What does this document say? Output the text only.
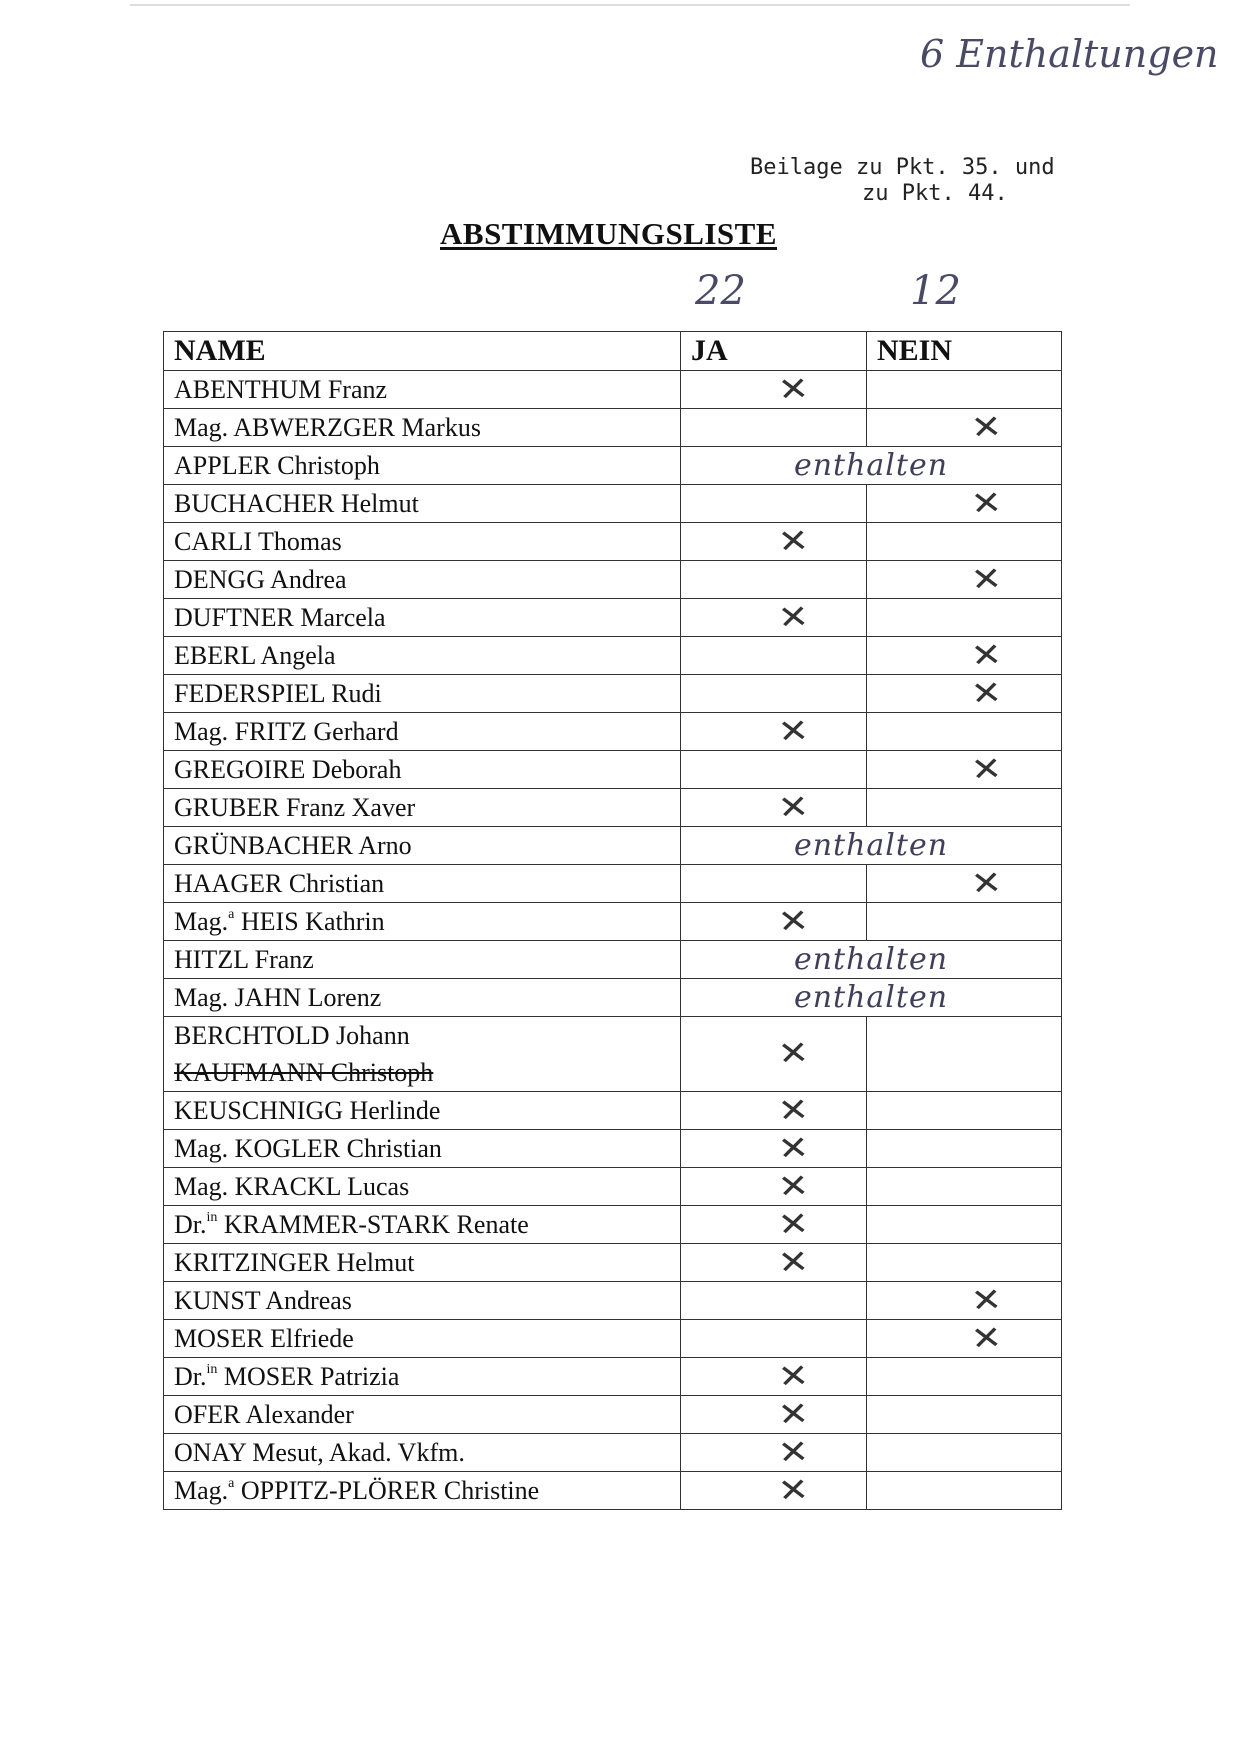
6 Enthaltungen
Beilage zu Pkt. 35. und
zu Pkt. 44.
ABSTIMMUNGSLISTE
22	12
NAME	JA	NEIN

ABENTHUM Franz	✕	

Mag. ABWERZGER Markus		✕

APPLER Christoph	enthalten	

BUCHACHER Helmut		✕

CARLI Thomas	✕	

DENGG Andrea		✕

DUFTNER Marcela	✕	

EBERL Angela		✕

FEDERSPIEL Rudi		✕

Mag. FRITZ Gerhard	✕	

GREGOIRE Deborah		✕

GRUBER Franz Xaver	✕	

GRÜNBACHER Arno	enthalten	

HAAGER Christian		✕

Mag.$^a$ HEIS Kathrin	✕	

HITZL Franz	enthalten	

Mag. JAHN Lorenz	enthalten	

BERCHTOLD Johann
KAUFMANN Christoph	✕	

KEUSCHNIGG Herlinde	✕	

Mag. KOGLER Christian	✕	

Mag. KRACKL Lucas	✕	

Dr.$^{in}$ KRAMMER-STARK Renate	✕	

KRITZINGER Helmut	✕	

KUNST Andreas		✕

MOSER Elfriede		✕

Dr.$^{in}$ MOSER Patrizia	✕	

OFER Alexander	✕	

ONAY Mesut, Akad. Vkfm.	✕	

Mag.$^a$ OPPITZ-PLÖRER Christine	✕	
